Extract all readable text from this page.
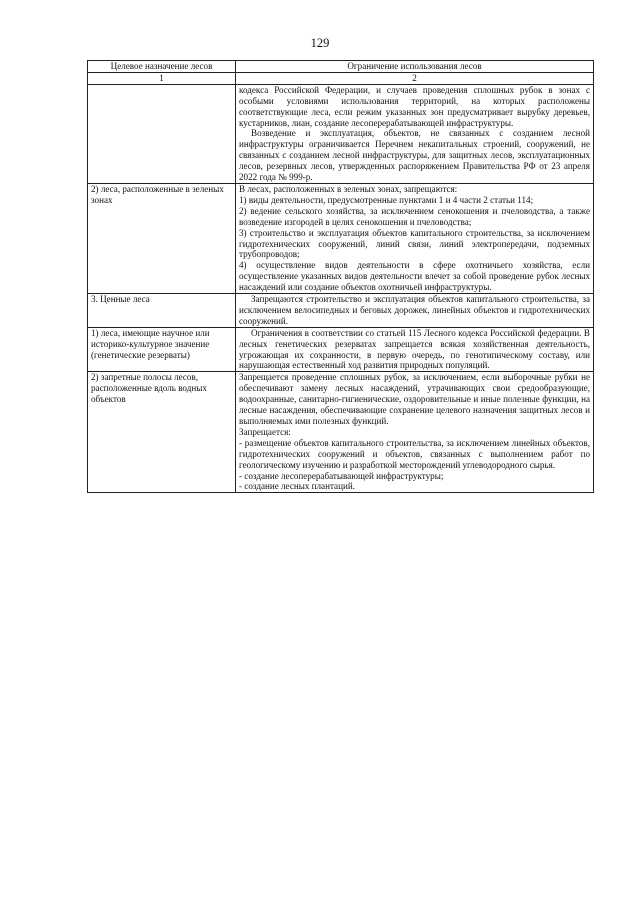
129
Целевое назначение лесов	Ограничение использования лесов
1	2

	кодекса Российской Федерации, и случаев проведения сплошных рубок в зонах с особыми условиями использования территорий, на которых расположены соответствующие леса, если режим указанных зон предусматривает вырубку деревьев, кустарников, лиан, создание лесоперерабатывающей инфраструктуры.

Возведение и эксплуатация, объектов, не связанных с созданием лесной инфраструктуры ограничивается Перечнем некапитальных строений, сооружений, не связанных с созданием лесной инфраструктуры, для защитных лесов, эксплуатационных лесов, резервных лесов, утвержденных распоряжением Правительства РФ от 23 апреля 2022 года № 999-р.

2) леса, расположенные в зеленых зонах	В лесах, расположенных в зеленых зонах, запрещаются:

1) виды деятельности, предусмотренные пунктами 1 и 4 части 2 статьи 114;

2) ведение сельского хозяйства, за исключением сенокошения и пчеловодства, а также возведение изгородей в целях сенокошения и пчеловодства;

3) строительство и эксплуатация объектов капитального строительства, за исключением гидротехнических сооружений, линий связи, линий электропередачи, подземных трубопроводов;

4) осуществление видов деятельности в сфере охотничьего хозяйства, если осуществление указанных видов деятельности влечет за собой проведение рубок лесных насаждений или создание объектов охотничьей инфраструктуры.

3. Ценные леса	Запрещаются строительство и эксплуатация объектов капитального строительства, за исключением велосипедных и беговых дорожек, линейных объектов и гидротехнических сооружений.

1) леса, имеющие научное или историко-культурное значение (генетические резерваты)	Ограничения в соответствии со статьей 115 Лесного кодекса Российской федерации. В лесных генетических резерватах запрещается всякая хозяйственная деятельность, угрожающая их сохранности, в первую очередь, по генотипическому составу, или нарушающая естественный ход развития природных популяций.

2) запретные полосы лесов, расположенные вдоль водных объектов	Запрещается проведение сплошных рубок, за исключением, если выборочные рубки не обеспечивают замену лесных насаждений, утрачивающих свои средообразующие, водоохранные, санитарно-гигиенические, оздоровительные и иные полезные функции, на лесные насаждения, обеспечивающие сохранение целевого назначения защитных лесов и выполняемых ими полезных функций.

Запрещается:

- размещение объектов капитального строительства, за исключением линейных объектов, гидротехнических сооружений и объектов, связанных с выполнением работ по геологическому изучению и разработкой месторождений углеводородного сырья.

- создание лесоперерабатывающей инфраструктуры;

- создание лесных плантаций.
